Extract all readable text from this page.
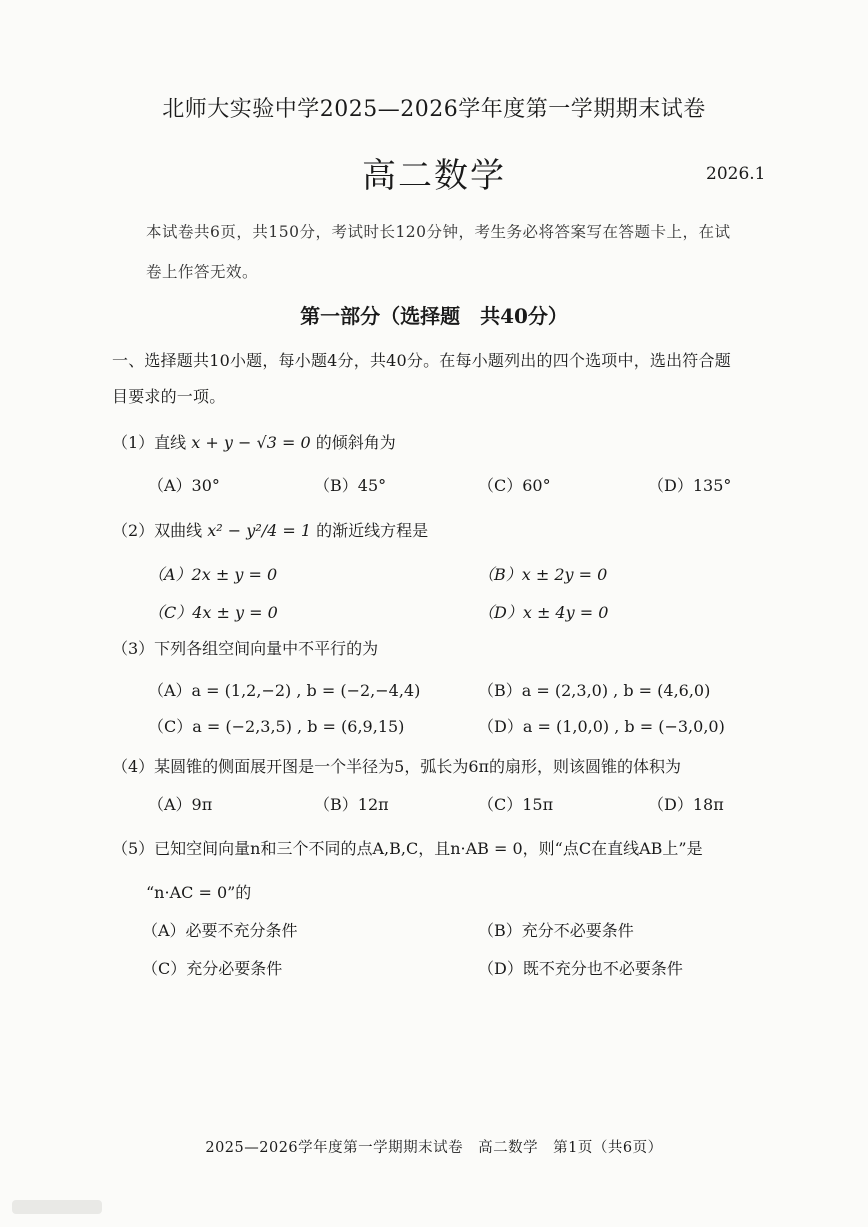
北师大实验中学2025—2026学年度第一学期期末试卷
高二数学	2026.1
本试卷共6页，共150分，考试时长120分钟，考生务必将答案写在答题卡上，在试
卷上作答无效。
第一部分（选择题　共40分）
一、选择题共10小题，每小题4分，共40分。在每小题列出的四个选项中，选出符合题
目要求的一项。
（1）直线 x + y − √3 = 0 的倾斜角为
（A）30°	（B）45°	（C）60°	（D）135°
（2）双曲线 x² − y²/4 = 1 的渐近线方程是
（A）2x ± y = 0	（B）x ± 2y = 0
（C）4x ± y = 0	（D）x ± 4y = 0
（3）下列各组空间向量中不平行的为
（A）a = (1,2,−2) , b = (−2,−4,4)	（B）a = (2,3,0) , b = (4,6,0)
（C）a = (−2,3,5) , b = (6,9,15)	（D）a = (1,0,0) , b = (−3,0,0)
（4）某圆锥的侧面展开图是一个半径为5，弧长为6π的扇形，则该圆锥的体积为
（A）9π	（B）12π	（C）15π	（D）18π
（5）已知空间向量n和三个不同的点A,B,C，且n·AB = 0，则“点C在直线AB上”是
“n·AC = 0”的
（A）必要不充分条件	（B）充分不必要条件
（C）充分必要条件	（D）既不充分也不必要条件
2025—2026学年度第一学期期末试卷　高二数学　第1页（共6页）
